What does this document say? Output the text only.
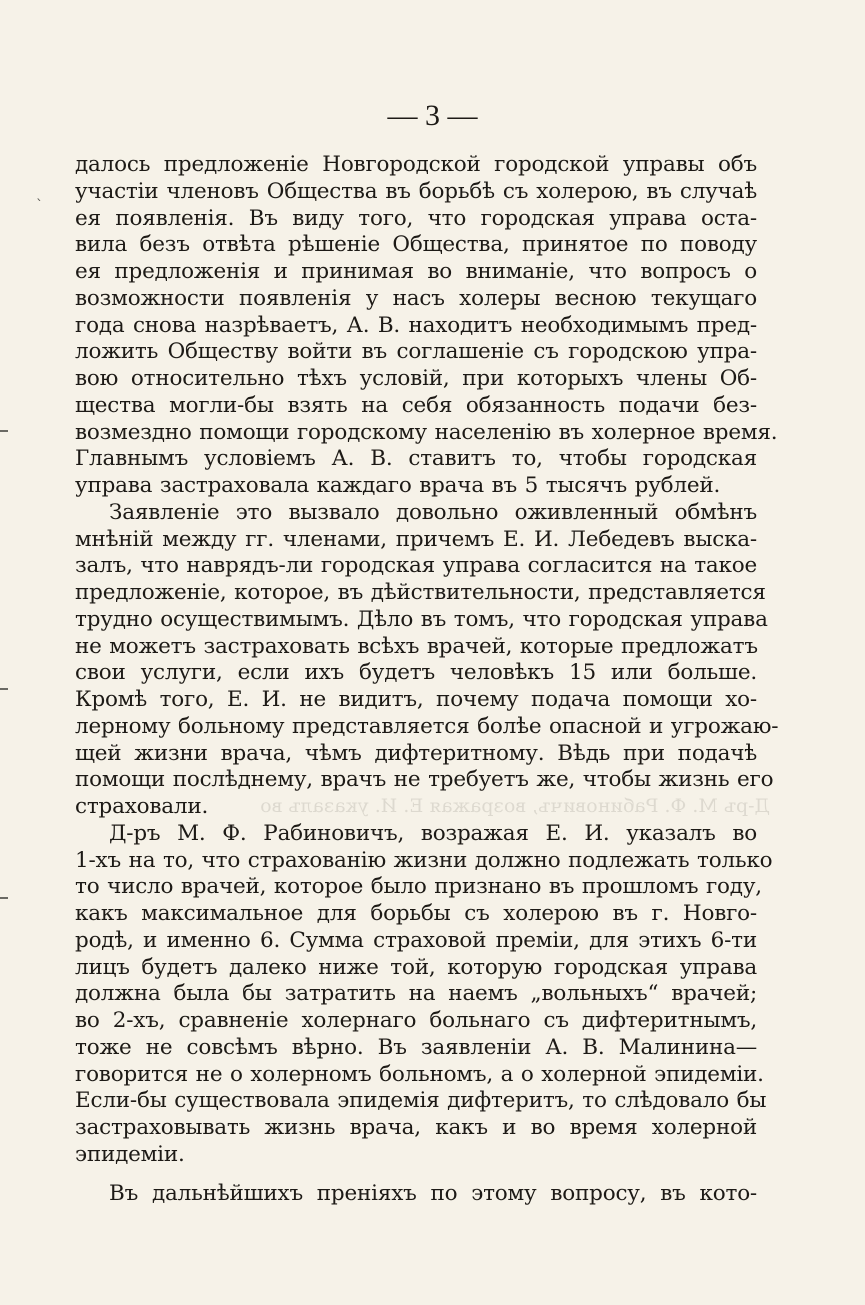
— 3 —
`
Д-ръ М. Ф. Рабиновичъ, возражая Е. И. указалъ во
далось предложеніе Новгородской городской управы объ
участіи членовъ Общества въ борьбѣ съ холерою, въ случаѣ
ея появленія. Въ виду того, что городская управа оста-
вила безъ отвѣта рѣшеніе Общества, принятое по поводу
ея предложенія и принимая во вниманіе, что вопросъ о
возможности появленія у насъ холеры весною текущаго
года снова назрѣваетъ, А. В. находитъ необходимымъ пред-
ложить Обществу войти въ соглашеніе съ городскою упра-
вою относительно тѣхъ условій, при которыхъ члены Об-
щества могли-бы взять на себя обязанность подачи без-
возмездно помощи городскому населенію въ холерное время.
Главнымъ условіемъ А. В. ставитъ то, чтобы городская
управа застраховала каждаго врача въ 5 тысячъ рублей.
Заявленіе это вызвало довольно оживленный обмѣнъ
мнѣній между гг. членами, причемъ Е. И. Лебедевъ выска-
залъ, что наврядъ-ли городская управа согласится на такое
предложеніе, которое, въ дѣйствительности, представляется
трудно осуществимымъ. Дѣло въ томъ, что городская управа
не можетъ застраховать всѣхъ врачей, которые предложатъ
свои услуги, если ихъ будетъ человѣкъ 15 или больше.
Кромѣ того, Е. И. не видитъ, почему подача помощи хо-
лерному больному представляется болѣе опасной и угрожаю-
щей жизни врача, чѣмъ дифтеритному. Вѣдь при подачѣ
помощи послѣднему, врачъ не требуетъ же, чтобы жизнь его
страховали.
Д-ръ М. Ф. Рабиновичъ, возражая Е. И. указалъ во
1-хъ на то, что страхованію жизни должно подлежать только
то число врачей, которое было признано въ прошломъ году,
какъ максимальное для борьбы съ холерою въ г. Новго-
родѣ, и именно 6. Сумма страховой преміи, для этихъ 6-ти
лицъ будетъ далеко ниже той, которую городская управа
должна была бы затратить на наемъ „вольныхъ“ врачей;
во 2-хъ, сравненіе холернаго больнаго съ дифтеритнымъ,
тоже не совсѣмъ вѣрно. Въ заявленіи А. В. Малинина—
говорится не о холерномъ больномъ, а о холерной эпидеміи.
Если-бы существовала эпидемія дифтеритъ, то слѣдовало бы
застраховывать жизнь врача, какъ и во время холерной
эпидеміи.
Въ дальнѣйшихъ преніяхъ по этому вопросу, въ кото-
